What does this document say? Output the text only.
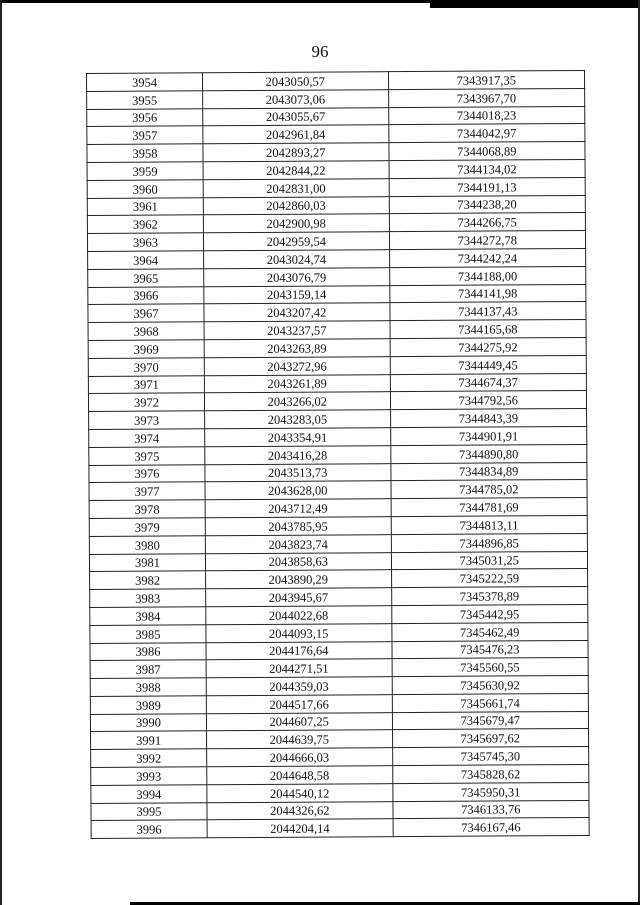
96
3954	2043050,57	7343917,35
3955	2043073,06	7343967,70
3956	2043055,67	7344018,23
3957	2042961,84	7344042,97
3958	2042893,27	7344068,89
3959	2042844,22	7344134,02
3960	2042831,00	7344191,13
3961	2042860,03	7344238,20
3962	2042900,98	7344266,75
3963	2042959,54	7344272,78
3964	2043024,74	7344242,24
3965	2043076,79	7344188,00
3966	2043159,14	7344141,98
3967	2043207,42	7344137,43
3968	2043237,57	7344165,68
3969	2043263,89	7344275,92
3970	2043272,96	7344449,45
3971	2043261,89	7344674,37
3972	2043266,02	7344792,56
3973	2043283,05	7344843,39
3974	2043354,91	7344901,91
3975	2043416,28	7344890,80
3976	2043513,73	7344834,89
3977	2043628,00	7344785,02
3978	2043712,49	7344781,69
3979	2043785,95	7344813,11
3980	2043823,74	7344896,85
3981	2043858,63	7345031,25
3982	2043890,29	7345222,59
3983	2043945,67	7345378,89
3984	2044022,68	7345442,95
3985	2044093,15	7345462,49
3986	2044176,64	7345476,23
3987	2044271,51	7345560,55
3988	2044359,03	7345630,92
3989	2044517,66	7345661,74
3990	2044607,25	7345679,47
3991	2044639,75	7345697,62
3992	2044666,03	7345745,30
3993	2044648,58	7345828,62
3994	2044540,12	7345950,31
3995	2044326,62	7346133,76
3996	2044204,14	7346167,46
